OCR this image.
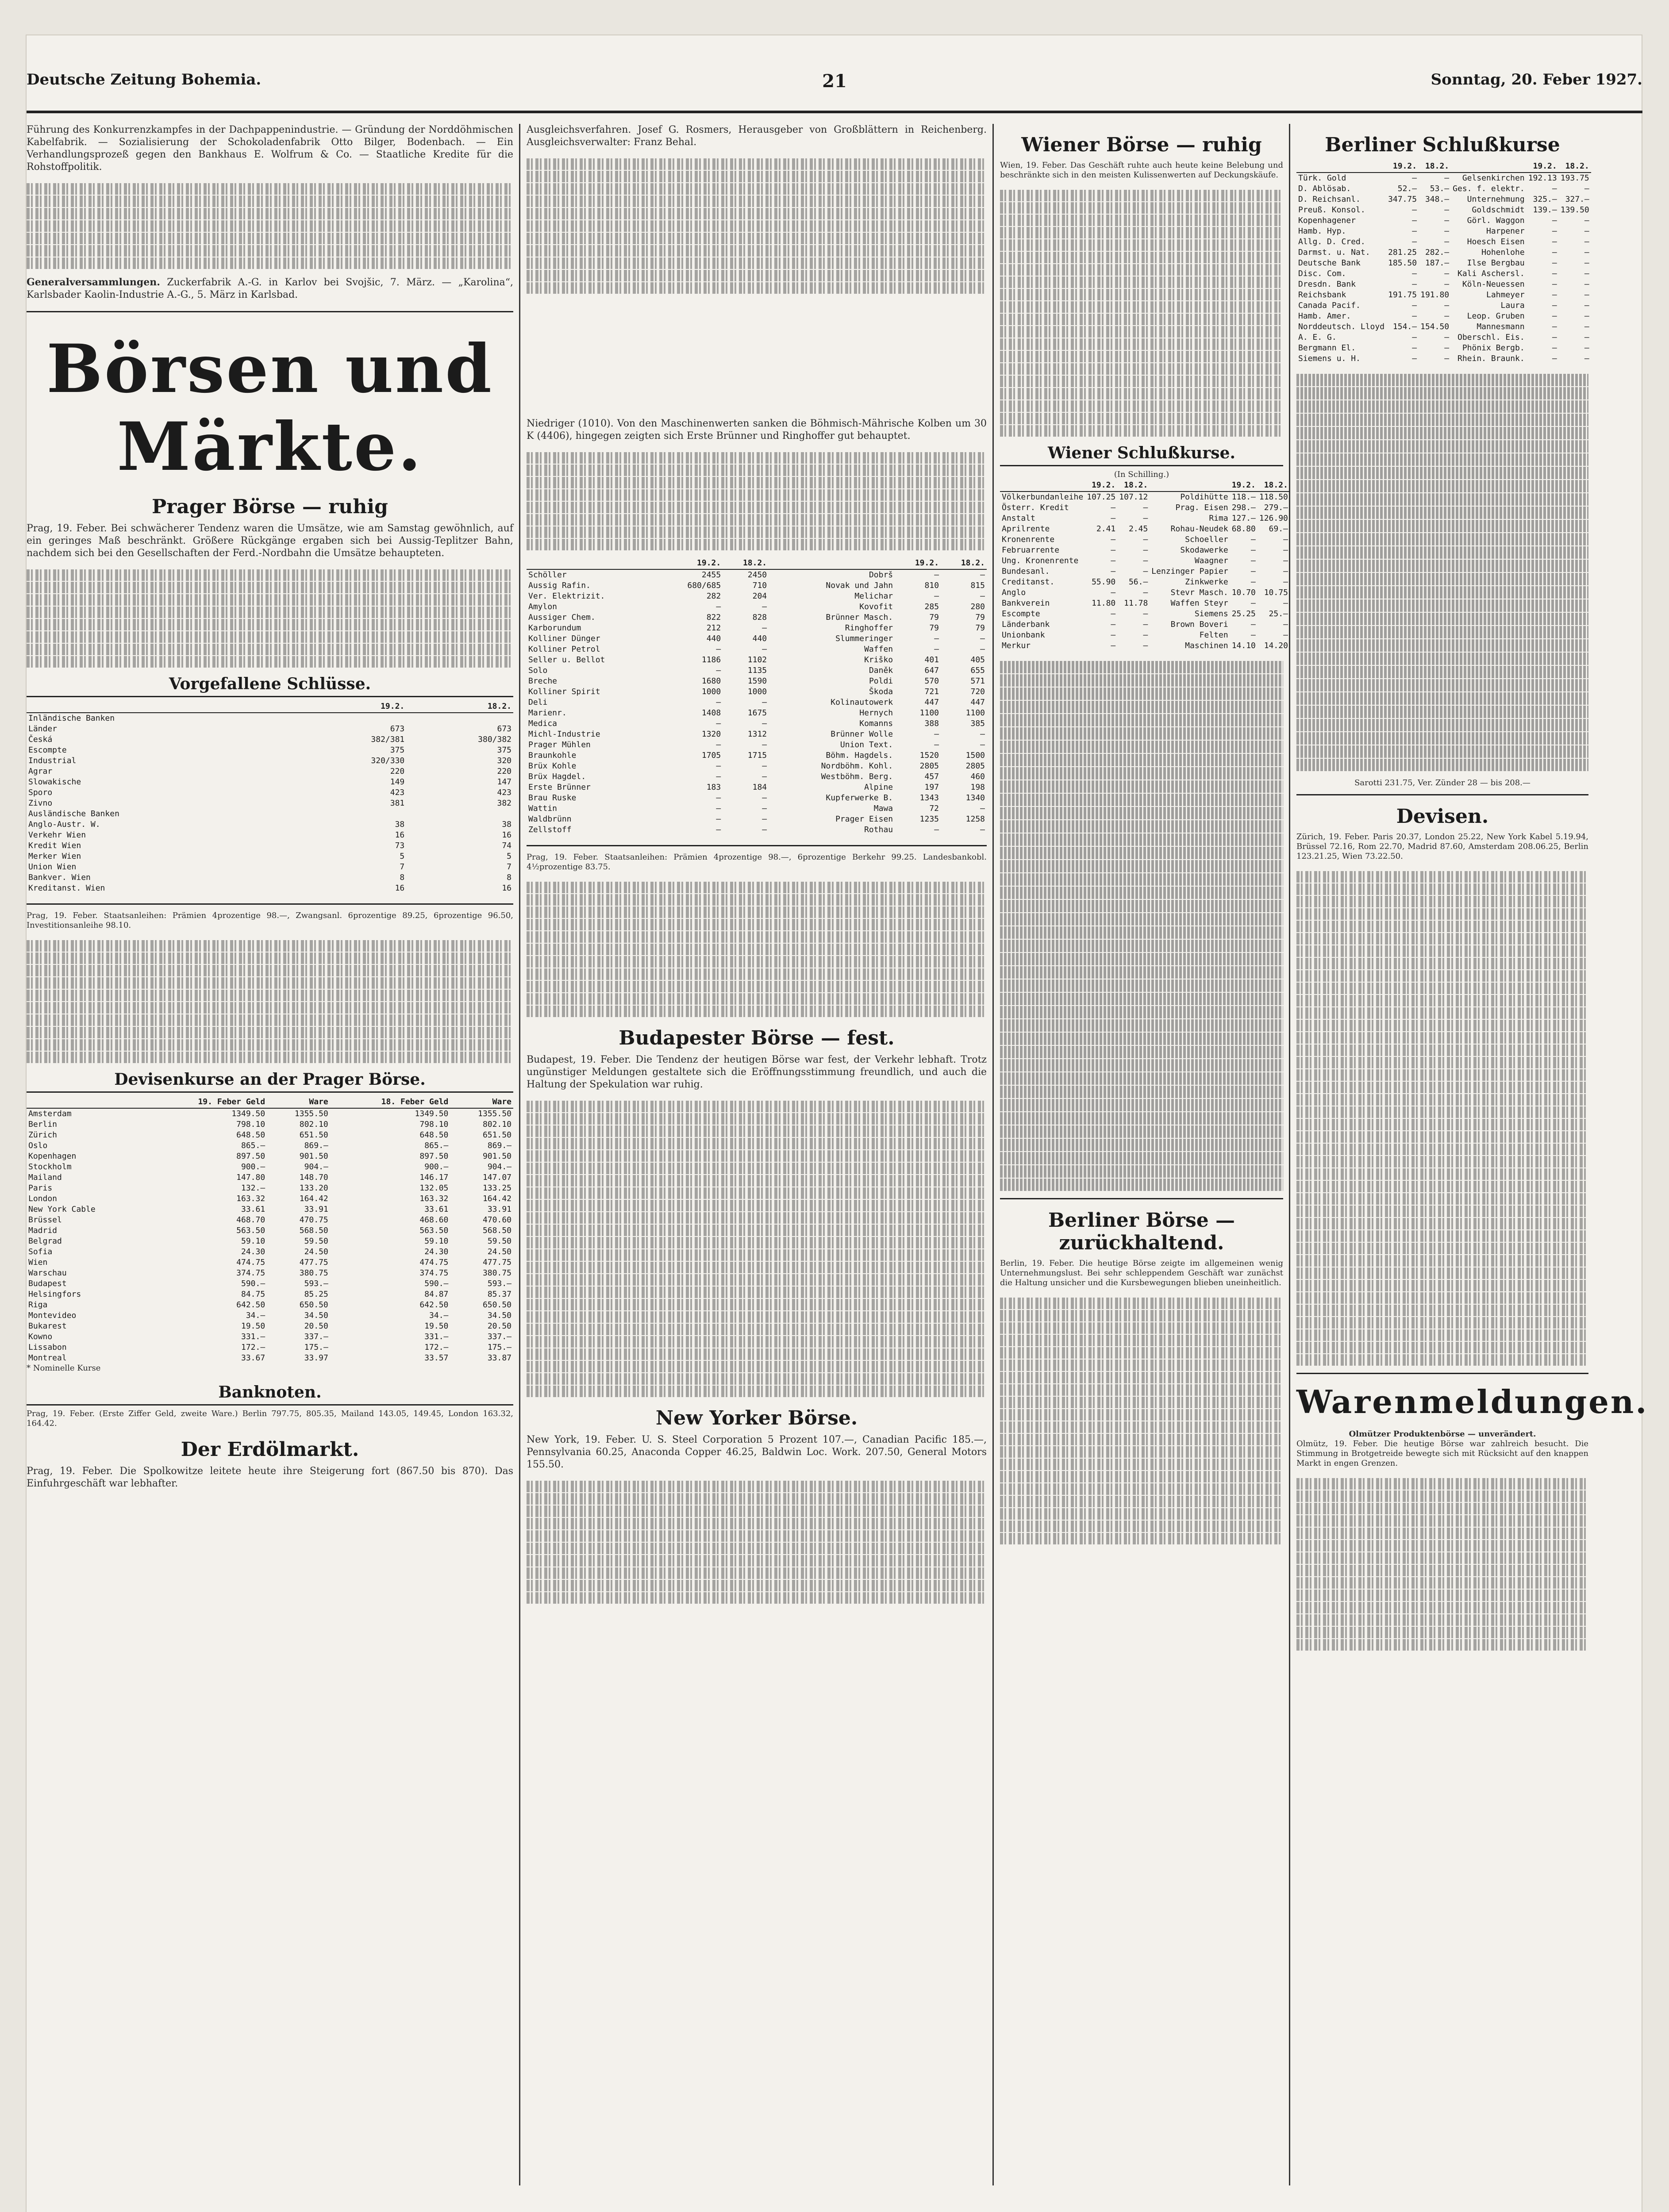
Deutsche Zeitung Bohemia.	21	Sonntag, 20. Feber 1927.
Führung des Konkurrenzkampfes in der Dachpappenindustrie. — Gründung der Norddöhmischen Kabelfabrik. — Sozialisierung der Schokoladenfabrik Otto Bilger, Bodenbach. — Ein Verhandlungsprozeß gegen den Bankhaus E. Wolfrum & Co. — Staatliche Kredite für die Rohstoffpolitik.
Generalversammlungen. Zuckerfabrik A.-G. in Karlov bei Svojšic, 7. März. — „Karolina“, Karlsbader Kaolin-Industrie A.-G., 5. März in Karlsbad.
Börsen und Märkte.
Prager Börse — ruhig
Prag, 19. Feber. Bei schwächerer Tendenz waren die Umsätze, wie am Samstag gewöhnlich, auf ein geringes Maß beschränkt. Größere Rückgänge ergaben sich bei Aussig-Teplitzer Bahn, nachdem sich bei den Gesellschaften der Ferd.-Nordbahn die Umsätze behaupteten.
Vorgefallene Schlüsse.
	19.2.	18.2.
Inländische Banken		
Länder	673	673
Česká	382/381	380/382
Escompte	375	375
Industrial	320/330	320
Agrar	220	220
Slowakische	149	147
Sporo	423	423
Zivno	381	382
Ausländische Banken		
Anglo-Austr. W.	38	38
Verkehr Wien	16	16
Kredit Wien	73	74
Merker Wien	5	5
Union Wien	7	7
Bankver. Wien	8	8
Kreditanst. Wien	16	16
Prag, 19. Feber. Staatsanleihen: Prämien 4prozentige 98.—, Zwangsanl. 6prozentige 89.25, 6prozentige 96.50, Investitionsanleihe 98.10.
Devisenkurse an der Prager Börse.
	19. Feber Geld	Ware	18. Feber Geld	Ware
Amsterdam	1349.50	1355.50	1349.50	1355.50
Berlin	798.10	802.10	798.10	802.10
Zürich	648.50	651.50	648.50	651.50
Oslo	865.—	869.—	865.—	869.—
Kopenhagen	897.50	901.50	897.50	901.50
Stockholm	900.—	904.—	900.—	904.—
Mailand	147.80	148.70	146.17	147.07
Paris	132.—	133.20	132.05	133.25
London	163.32	164.42	163.32	164.42
New York Cable	33.61	33.91	33.61	33.91
Brüssel	468.70	470.75	468.60	470.60
Madrid	563.50	568.50	563.50	568.50
Belgrad	59.10	59.50	59.10	59.50
Sofia	24.30	24.50	24.30	24.50
Wien	474.75	477.75	474.75	477.75
Warschau	374.75	380.75	374.75	380.75
Budapest	590.—	593.—	590.—	593.—
Helsingfors	84.75	85.25	84.87	85.37
Riga	642.50	650.50	642.50	650.50
Montevideo	34.—	34.50	34.—	34.50
Bukarest	19.50	20.50	19.50	20.50
Kowno	331.—	337.—	331.—	337.—
Lissabon	172.—	175.—	172.—	175.—
Montreal	33.67	33.97	33.57	33.87
* Nominelle Kurse
Banknoten.
Prag, 19. Feber. (Erste Ziffer Geld, zweite Ware.) Berlin 797.75, 805.35, Mailand 143.05, 149.45, London 163.32, 164.42.
Der Erdölmarkt.
Prag, 19. Feber. Die Spolkowitze leitete heute ihre Steigerung fort (867.50 bis 870). Das Einfuhrgeschäft war lebhafter.
Ausgleichsverfahren. Josef G. Rosmers, Herausgeber von Großblättern in Reichenberg. Ausgleichsverwalter: Franz Behal.
Niedriger (1010). Von den Maschinenwerten sanken die Böhmisch-Mährische Kolben um 30 K (4406), hingegen zeigten sich Erste Brünner und Ringhoffer gut behauptet.
	19.2.	18.2.		19.2.	18.2.
Schöller	2455	2450	Dobrš	—	—
Aussig Rafin.	680/685	710	Novak und Jahn	810	815
Ver. Elektrizit.	282	204	Melichar	—	—
Amylon	—	—	Kovofit	285	280
Aussiger Chem.	822	828	Brünner Masch.	79	79
Karborundum	212	—	Ringhoffer	79	79
Kolliner Dünger	440	440	Slummeringer	—	—
Kolliner Petrol	—	—	Waffen	—	—
Seller u. Bellot	1186	1102	Kriško	401	405
Solo	—	1135	Daněk	647	655
Breche	1680	1590	Poldi	570	571
Kolliner Spirit	1000	1000	Škoda	721	720
Deli	—	—	Kolinautowerk	447	447
Marienr.	1408	1675	Hernych	1100	1100
Medica	—	—	Komanns	388	385
Michl-Industrie	1320	1312	Brünner Wolle	—	—
Prager Mühlen	—	—	Union Text.	—	—
Braunkohle	1705	1715	Böhm. Hagdels.	1520	1500
Brüx Kohle	—	—	Nordböhm. Kohl.	2805	2805
Brüx Hagdel.	—	—	Westböhm. Berg.	457	460
Erste Brünner	183	184	Alpine	197	198
Brau Ruske	—	—	Kupferwerke B.	1343	1340
Wattin	—	—	Mawa	72	—
Waldbrünn	—	—	Prager Eisen	1235	1258
Zellstoff	—	—	Rothau	—	—
Prag, 19. Feber. Staatsanleihen: Prämien 4prozentige 98.—, 6prozentige Berkehr 99.25. Landesbankobl. 4½prozentige 83.75.
Budapester Börse — fest.
Budapest, 19. Feber. Die Tendenz der heutigen Börse war fest, der Verkehr lebhaft. Trotz ungünstiger Meldungen gestaltete sich die Eröffnungsstimmung freundlich, und auch die Haltung der Spekulation war ruhig.
New Yorker Börse.
New York, 19. Feber. U. S. Steel Corporation 5 Prozent 107.—, Canadian Pacific 185.—, Pennsylvania 60.25, Anaconda Copper 46.25, Baldwin Loc. Work. 207.50, General Motors 155.50.
Wiener Börse — ruhig
Wien, 19. Feber. Das Geschäft ruhte auch heute keine Belebung und beschränkte sich in den meisten Kulissenwerten auf Deckungskäufe.
Wiener Schlußkurse.
(In Schilling.)
	19.2.	18.2.		19.2.	18.2.
Völkerbundanleihe	107.25	107.12	Poldihütte	118.—	118.50
Österr. Kredit	—	—	Prag. Eisen	298.—	279.—
Anstalt	—	—	Rima	127.—	126.90
Aprilrente	2.41	2.45	Rohau-Neudek	68.80	69.—
Kronenrente	—	—	Schoeller	—	—
Februarrente	—	—	Skodawerke	—	—
Ung. Kronenrente	—	—	Waagner	—	—
Bundesanl.	—	—	Lenzinger Papier	—	—
Creditanst.	55.90	56.—	Zinkwerke	—	—
Anglo	—	—	Stevr Masch.	10.70	10.75
Bankverein	11.80	11.78	Waffen Steyr	—	—
Escompte	—	—	Siemens	25.25	25.—
Länderbank	—	—	Brown Boveri	—	—
Unionbank	—	—	Felten	—	—
Merkur	—	—	Maschinen	14.10	14.20
Berliner Börse — zurückhaltend.
Berlin, 19. Feber. Die heutige Börse zeigte im allgemeinen wenig Unternehmungslust. Bei sehr schleppendem Geschäft war zunächst die Haltung unsicher und die Kursbewegungen blieben uneinheitlich.
Berliner Schlußkurse
	19.2.	18.2.		19.2.	18.2.
Türk. Gold	—	—	Gelsenkirchen	192.13	193.75
D. Ablösab.	52.—	53.—	Ges. f. elektr.	—	—
D. Reichsanl.	347.75	348.—	Unternehmung	325.—	327.—
Preuß. Konsol.	—	—	Goldschmidt	139.—	139.50
Kopenhagener	—	—	Görl. Waggon	—	—
Hamb. Hyp.	—	—	Harpener	—	—
Allg. D. Cred.	—	—	Hoesch Eisen	—	—
Darmst. u. Nat.	281.25	282.—	Hohenlohe	—	—
Deutsche Bank	185.50	187.—	Ilse Bergbau	—	—
Disc. Com.	—	—	Kali Aschersl.	—	—
Dresdn. Bank	—	—	Köln-Neuessen	—	—
Reichsbank	191.75	191.80	Lahmeyer	—	—
Canada Pacif.	—	—	Laura	—	—
Hamb. Amer.	—	—	Leop. Gruben	—	—
Norddeutsch. Lloyd	154.—	154.50	Mannesmann	—	—
A. E. G.	—	—	Oberschl. Eis.	—	—
Bergmann El.	—	—	Phönix Bergb.	—	—
Siemens u. H.	—	—	Rhein. Braunk.	—	—
Sarotti 231.75, Ver. Zünder 28 — bis 208.—
Devisen.
Zürich, 19. Feber. Paris 20.37, London 25.22, New York Kabel 5.19.94, Brüssel 72.16, Rom 22.70, Madrid 87.60, Amsterdam 208.06.25, Berlin 123.21.25, Wien 73.22.50.
Warenmeldungen.
Olmützer Produktenbörse — unverändert.
Olmütz, 19. Feber. Die heutige Börse war zahlreich besucht. Die Stimmung in Brotgetreide bewegte sich mit Rücksicht auf den knappen Markt in engen Grenzen.
